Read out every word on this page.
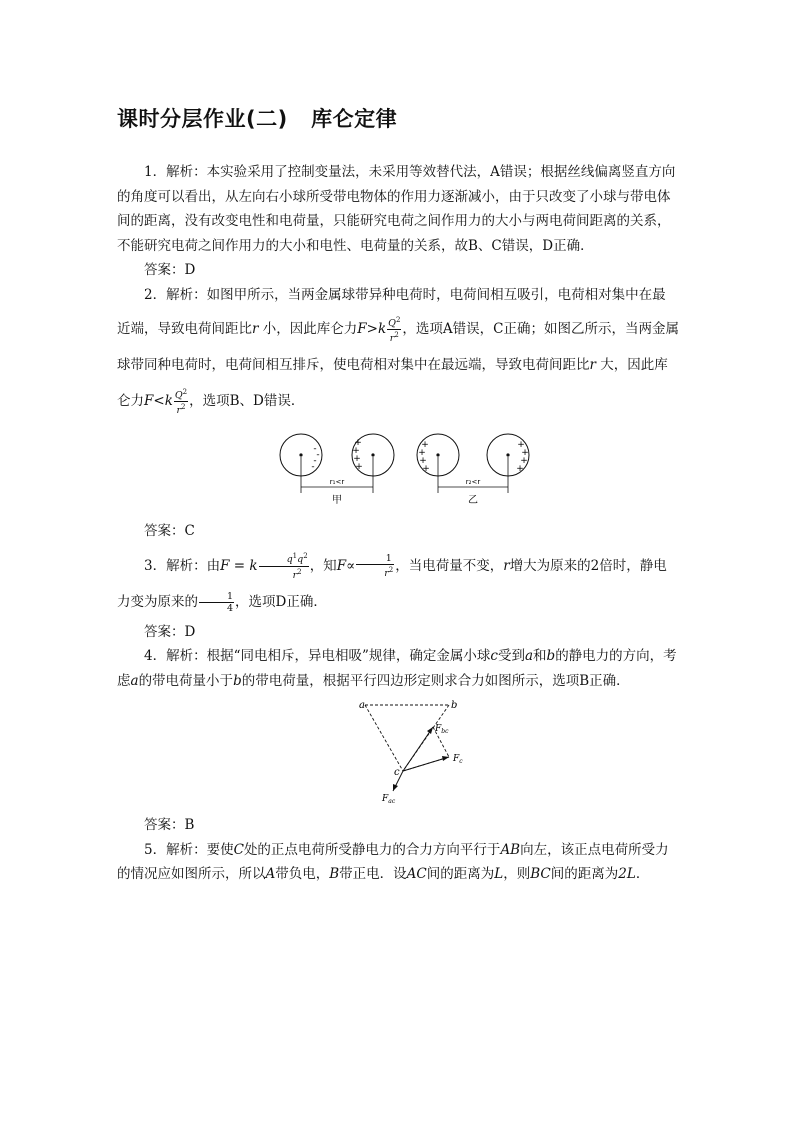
课时分层作业(二)   库仑定律

1．解析：本实验采用了控制变量法，未采用等效替代法，A错误；根据丝线偏离竖直方向的角度可以看出，从左向右小球所受带电物体的作用力逐渐减小，由于只改变了小球与带电体间的距离，没有改变电性和电荷量，只能研究电荷之间作用力的大小与两电荷间距离的关系，不能研究电荷之间作用力的大小和电性、电荷量的关系，故B、C错误，D正确．

答案：D

2．解析：如图甲所示，当两金属球带异种电荷时，电荷间相互吸引，电荷相对集中在最

近端，导致电荷间距比r 小，因此库仑力$F>k \frac{Q^2}{r^2}$ ，选项A错误，C正确；如图乙所示，当两金属球带同种电荷时，电荷间相互排斥，使电荷相对集中在最远端，导致电荷间距比r 大，因此库仑力$F<k \frac{Q^2}{r^2}$ ，选项B、D错误．

-
-
-
-
+
+
+
+
+
+
+
+
+
+
+
+
r₁<r	r₂<r
甲	乙

答案：C

3．解析：由F = k $\frac{q^1q^2}{r^2}$ ，知$F\propto \frac{1}{r^2}$ ，当电荷量不变，r增大为原来的2倍时，静电力变为原来的 $\frac{1}{4}$ ，选项D正确．

答案：D

4．解析：根据“同电相斥，异电相吸”规律，确定金属小球c受到a和b的静电力的方向，考虑a的带电荷量小于b的带电荷量，根据平行四边形定则求合力如图所示，选项B正确．

a	b
c
$F_{bc}$
$F_c$
$F_{ac}$

答案：B

5．解析：要使C处的正点电荷所受静电力的合力方向平行于AB向左，该正点电荷所受力的情况应如图所示，所以A带负电，B带正电．设AC间的距离为L，则BC间的距离为2L．
